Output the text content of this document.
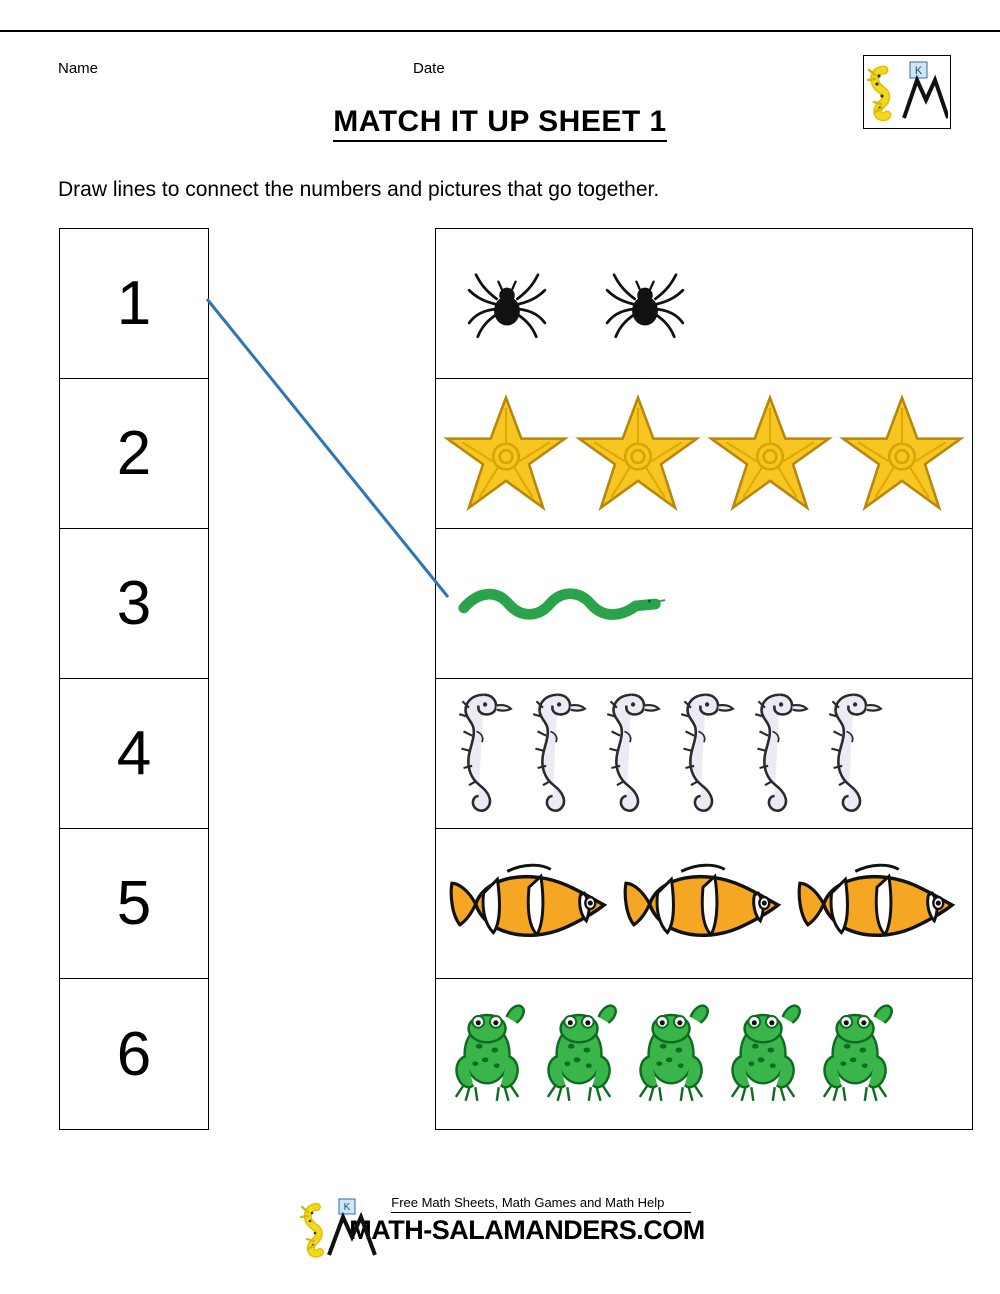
Name	Date	K
MATCH IT UP SHEET 1
Draw lines to connect the numbers and pictures that go together.
1
2
3
4
5
6
K	Free Math Sheets, Math Games and Math Help
MATH-SALAMANDERS.COM
